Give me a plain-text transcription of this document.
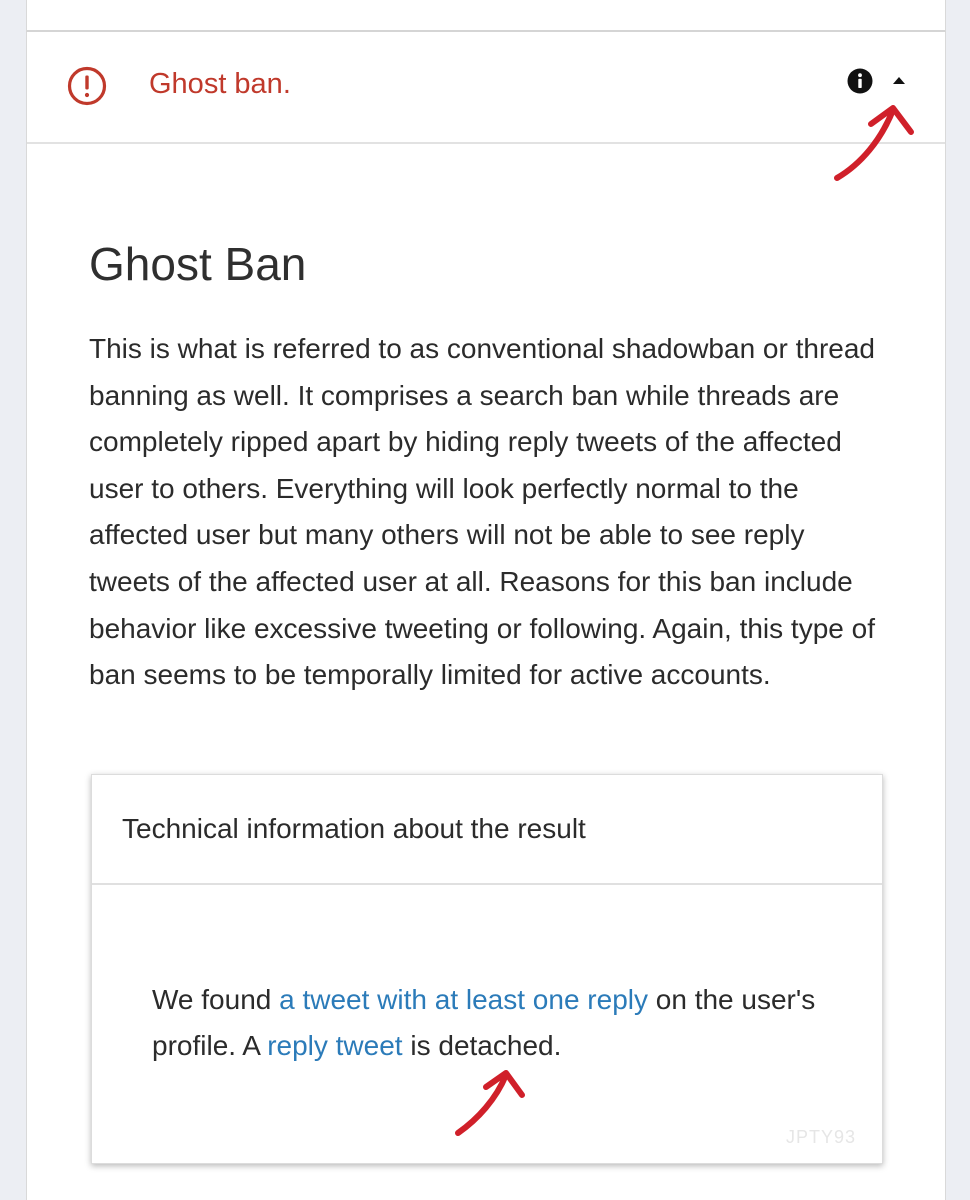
Ghost ban.
Ghost Ban

This is what is referred to as conventional shadowban or thread banning as well. It comprises a search ban while threads are completely ripped apart by hiding reply tweets of the affected user to others. Everything will look perfectly normal to the affected user but many others will not be able to see reply tweets of the affected user at all. Reasons for this ban include behavior like excessive tweeting or following. Again, this type of ban seems to be temporally limited for active accounts.

Technical information about the result

We found a tweet with at least one reply on the user's profile. A reply tweet is detached.

JPTY93
